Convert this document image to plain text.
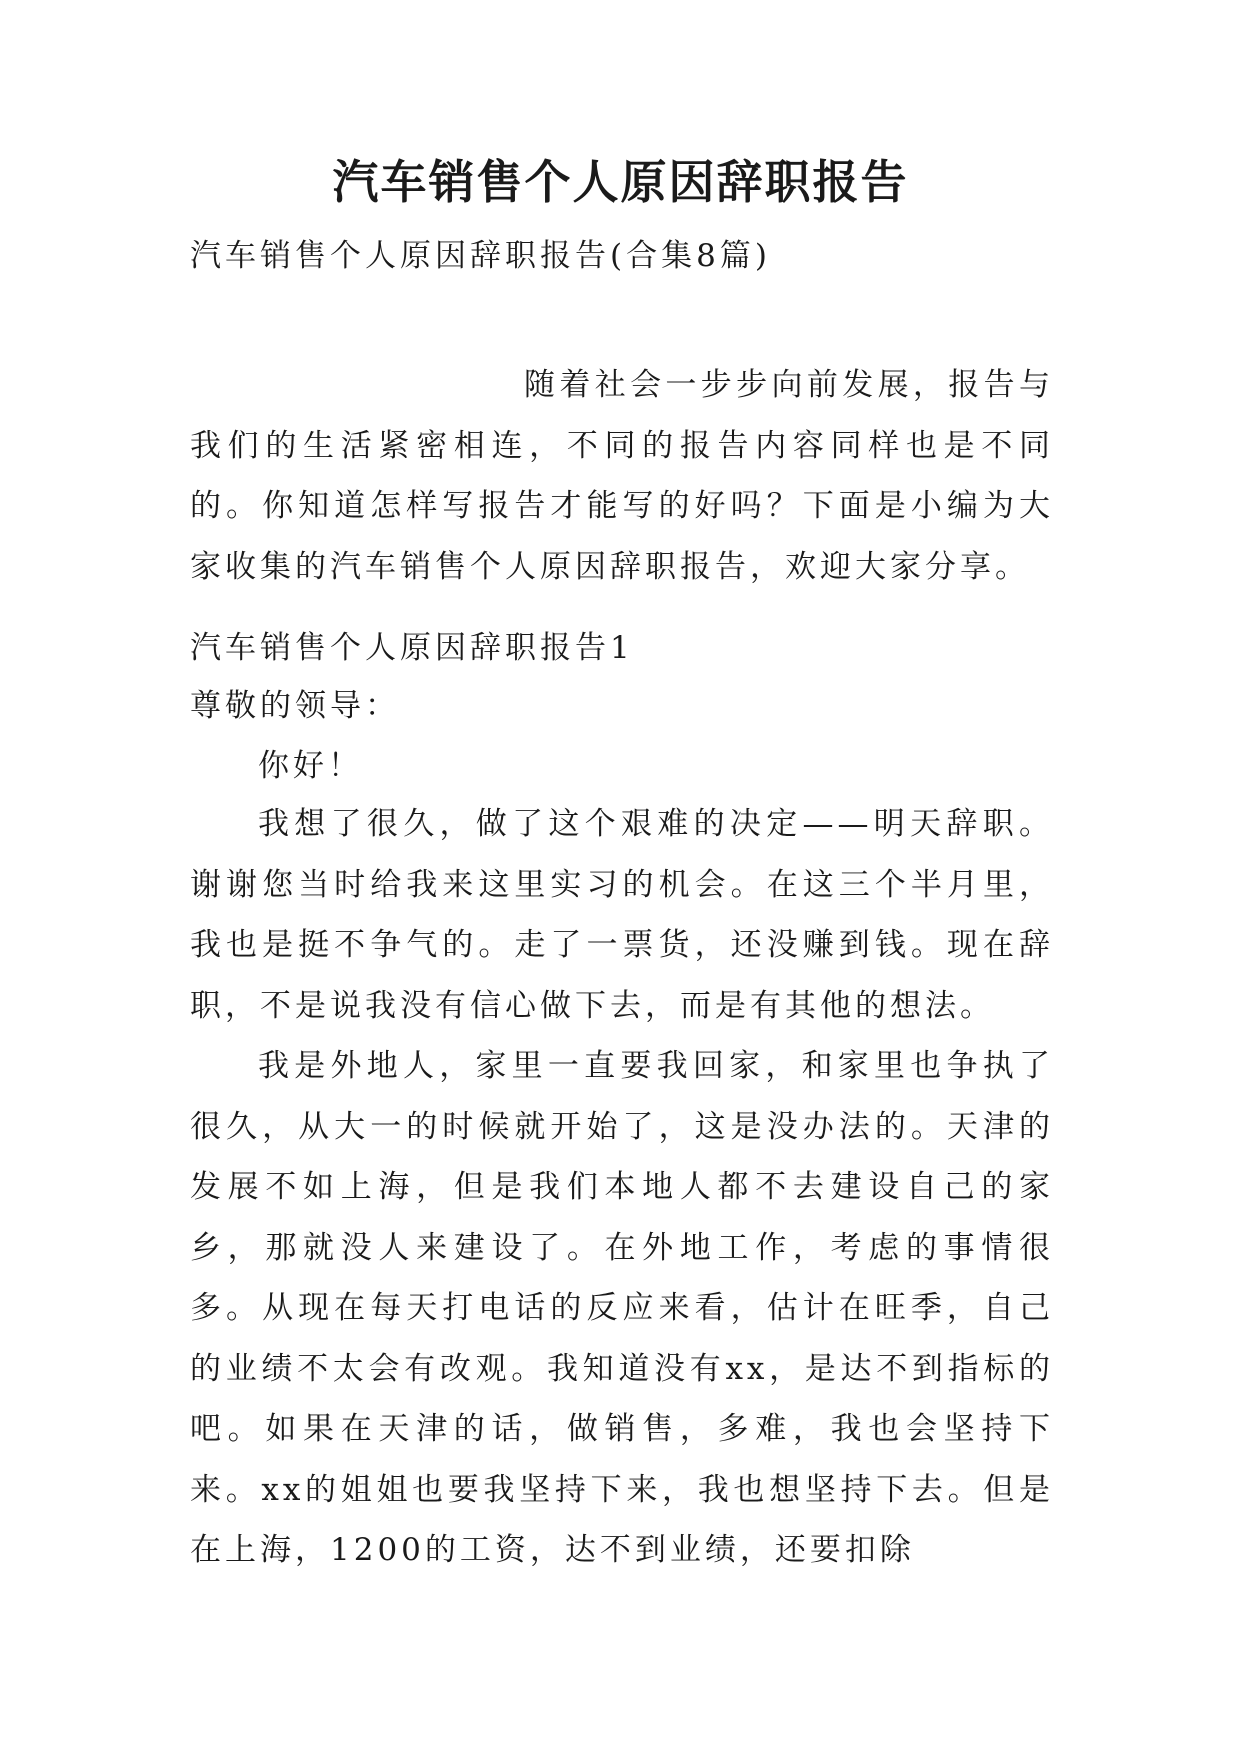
汽车销售个人原因辞职报告
汽车销售个人原因辞职报告(合集8篇)
随着社会一步步向前发展，报告与我们的生活紧密相连，不同的报告内容同样也是不同的。你知道怎样写报告才能写的好吗？下面是小编为大家收集的汽车销售个人原因辞职报告，欢迎大家分享。
汽车销售个人原因辞职报告1
尊敬的领导：
你好！
我想了很久，做了这个艰难的决定——明天辞职。谢谢您当时给我来这里实习的机会。在这三个半月里，我也是挺不争气的。走了一票货，还没赚到钱。现在辞职，不是说我没有信心做下去，而是有其他的想法。
我是外地人，家里一直要我回家，和家里也争执了很久，从大一的时候就开始了，这是没办法的。天津的发展不如上海，但是我们本地人都不去建设自己的家乡，那就没人来建设了。在外地工作，考虑的事情很多。从现在每天打电话的反应来看，估计在旺季，自己的业绩不太会有改观。我知道没有xx，是达不到指标的吧。如果在天津的话，做销售，多难，我也会坚持下来。xx的姐姐也要我坚持下来，我也想坚持下去。但是在上海，1200的工资，达不到业绩，还要扣除
